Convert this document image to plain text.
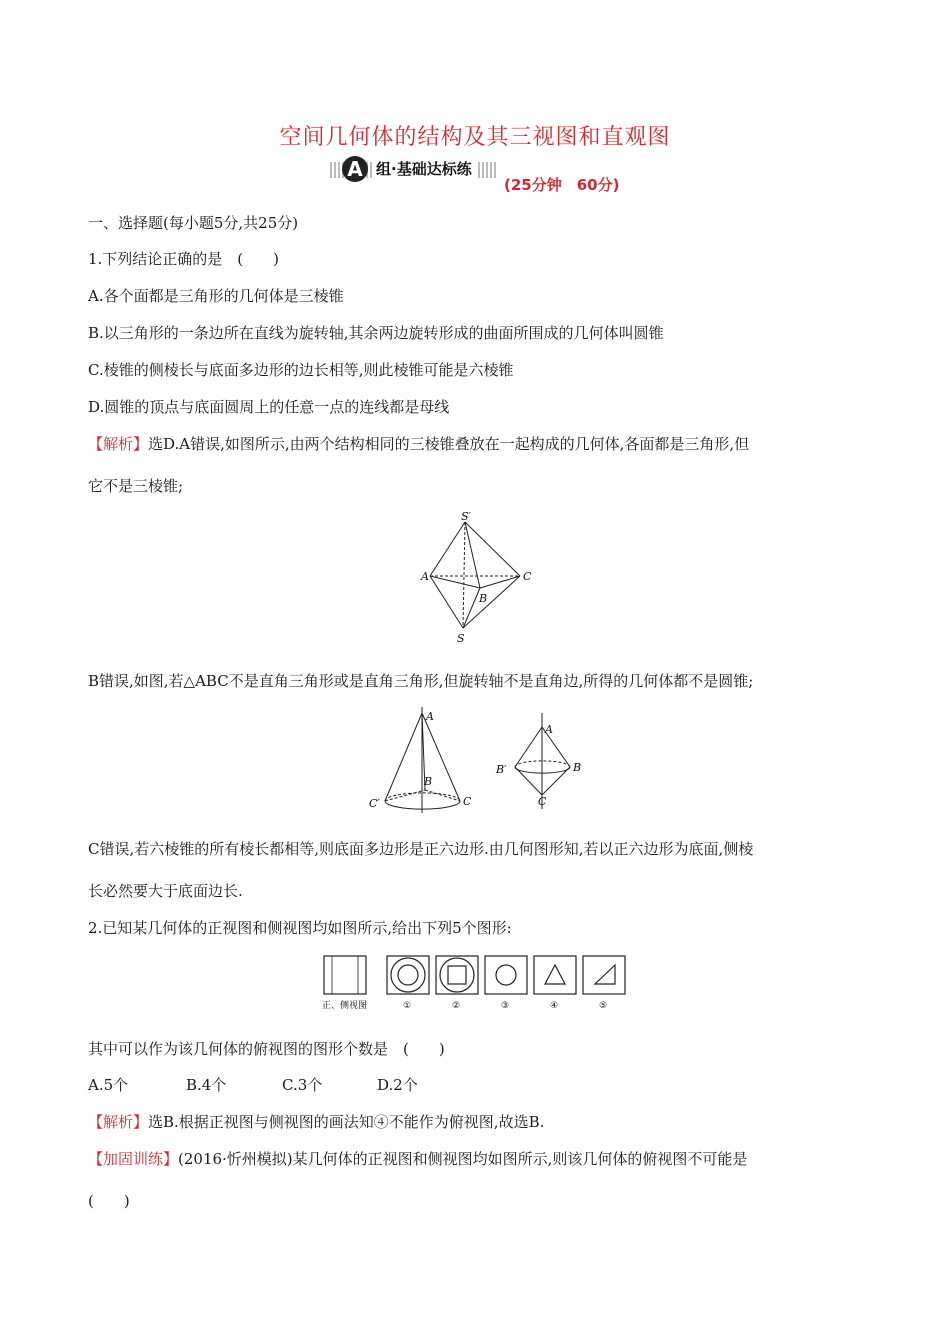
空间几何体的结构及其三视图和直观图
A 组·基础达标练
(25分钟　60分)
一、选择题(每小题5分,共25分)
1.下列结论正确的是　(　　)
A.各个面都是三角形的几何体是三棱锥
B.以三角形的一条边所在直线为旋转轴,其余两边旋转形成的曲面所围成的几何体叫圆锥
C.棱锥的侧棱长与底面多边形的边长相等,则此棱锥可能是六棱锥
D.圆锥的顶点与底面圆周上的任意一点的连线都是母线
【解析】选D.A错误,如图所示,由两个结构相同的三棱锥叠放在一起构成的几何体,各面都是三角形,但
它不是三棱锥;
S′
A	C
B
S
B错误,如图,若△ABC不是直角三角形或是直角三角形,但旋转轴不是直角边,所得的几何体都不是圆锥;
A
B
C
C′
A
B
B′
C
C错误,若六棱锥的所有棱长都相等,则底面多边形是正六边形.由几何图形知,若以正六边形为底面,侧棱
长必然要大于底面边长.
2.已知某几何体的正视图和侧视图均如图所示,给出下列5个图形:
正、侧视图	①	②	③	④	⑤
其中可以作为该几何体的俯视图的图形个数是　(　　)
A.5个	B.4个	C.3个	D.2个
【解析】选B.根据正视图与侧视图的画法知④不能作为俯视图,故选B.
【加固训练】(2016·忻州模拟)某几何体的正视图和侧视图均如图所示,则该几何体的俯视图不可能是
(　　)
